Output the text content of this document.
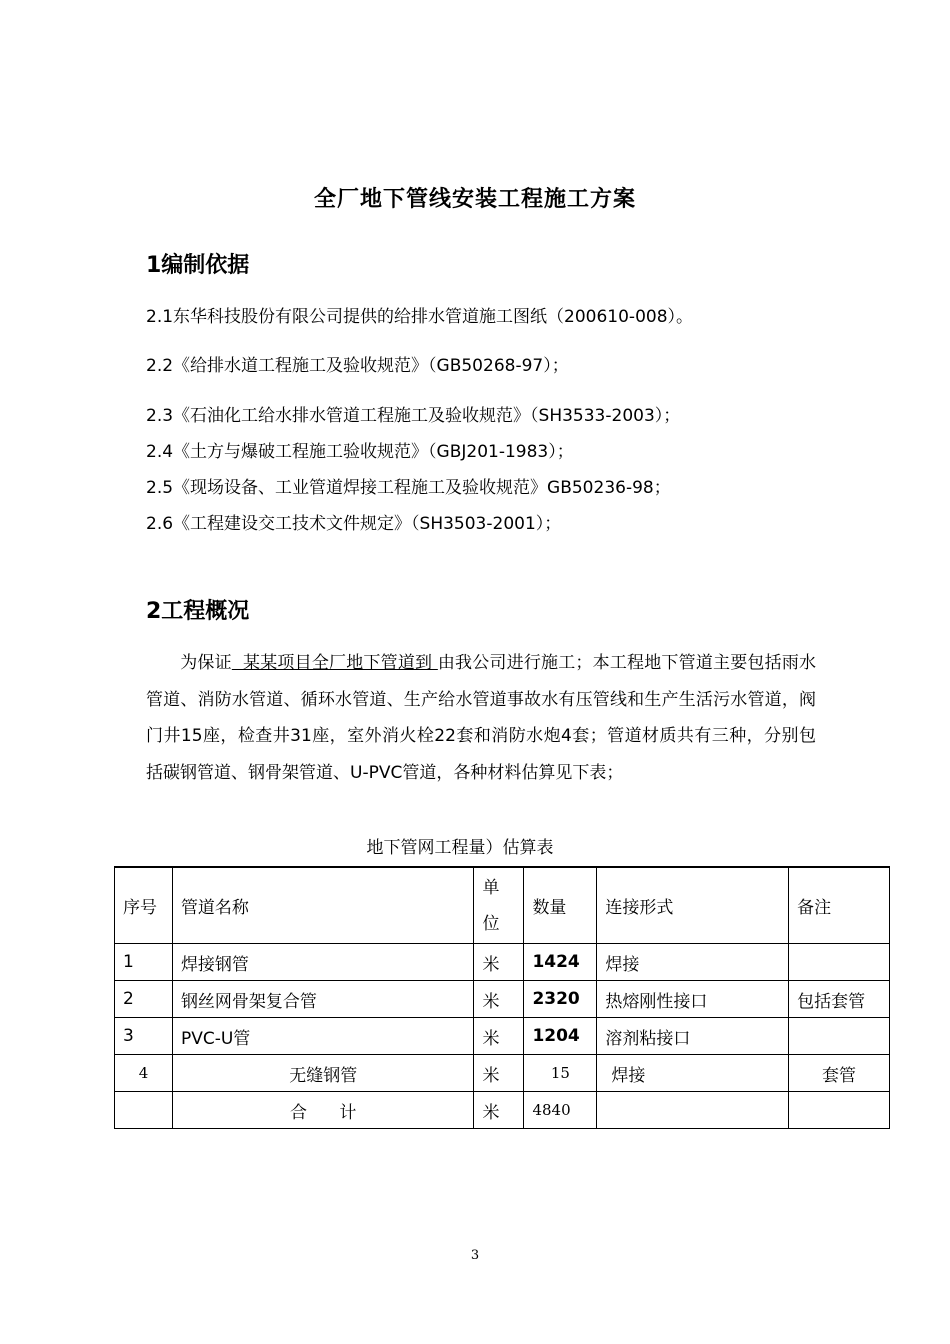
全厂地下管线安装工程施工方案
1编制依据
2.1东华科技股份有限公司提供的给排水管道施工图纸（200610-008）。
2.2《给排水道工程施工及验收规范》（GB50268-97）；
2.3《石油化工给水排水管道工程施工及验收规范》（SH3533-2003）；
2.4《土方与爆破工程施工验收规范》（GBJ201-1983）；
2.5《现场设备、工业管道焊接工程施工及验收规范》GB50236-98；
2.6《工程建设交工技术文件规定》（SH3503-2001）；
2工程概况
为保证  某某项目全厂地下管道到 由我公司进行施工；本工程地下管道主要包括雨水管道、消防水管道、循环水管道、生产给水管道事故水有压管线和生产生活污水管道，阀门井15座，检查井31座，室外消火栓22套和消防水炮4套；管道材质共有三种，分别包括碳钢管道、钢骨架管道、U-PVC管道，各种材料估算见下表；
地下管网工程量）估算表
序号	管道名称	单位	数量	连接形式	备注
1	焊接钢管	米	1424	焊接	
2	钢丝网骨架复合管	米	2320	热熔刚性接口	包括套管
3	PVC-U管	米	1204	溶剂粘接口	
4	无缝钢管	米	15	焊接	套管
	合      计	米	4840		
3
